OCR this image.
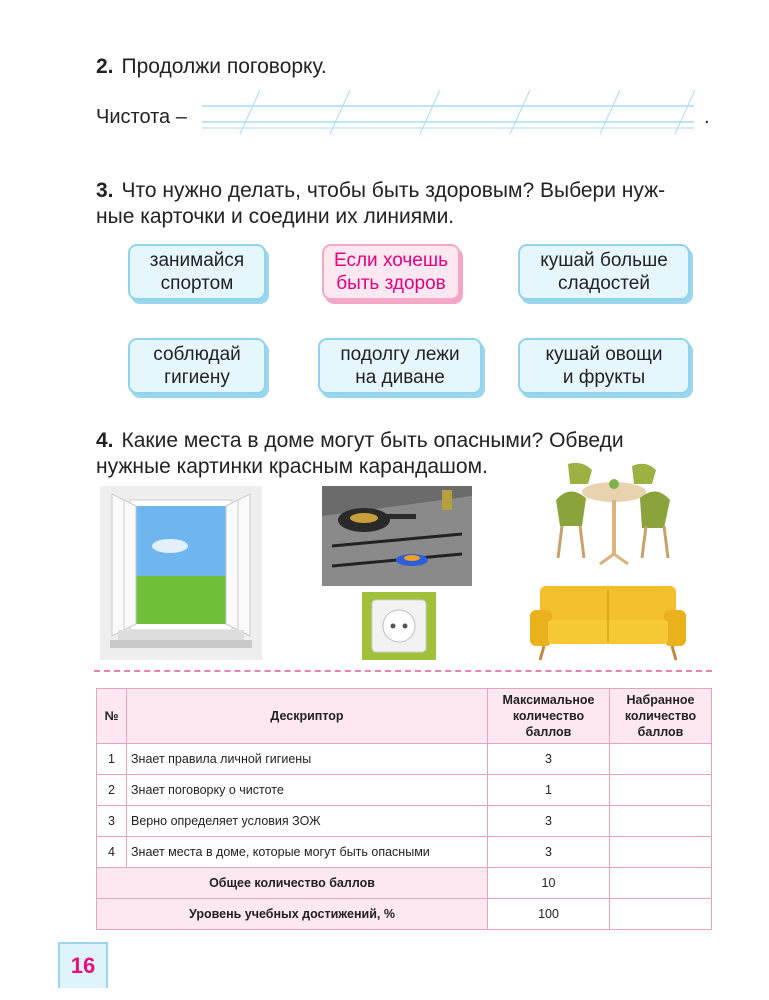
2. Продолжи поговорку.
Чистота –	.
3. Что нужно делать, чтобы быть здоровым? Выбери нуж-
ные карточки и соедини их линиями.
занимайся
спортом
Если хочешь
быть здоров
кушай больше
сладостей
соблюдай
гигиену
подолгу лежи
на диване
кушай овощи
и фрукты
4. Какие места в доме могут быть опасными? Обведи
нужные картинки красным карандашом.
№	Дескриптор	Максимальное количество баллов	Набранное количество баллов
1	Знает правила личной гигиены	3	
2	Знает поговорку о чистоте	1	
3	Верно определяет условия ЗОЖ	3	
4	Знает места в доме, которые могут быть опасными	3	
Общее количество баллов		10	
Уровень учебных достижений, %		100	
16
